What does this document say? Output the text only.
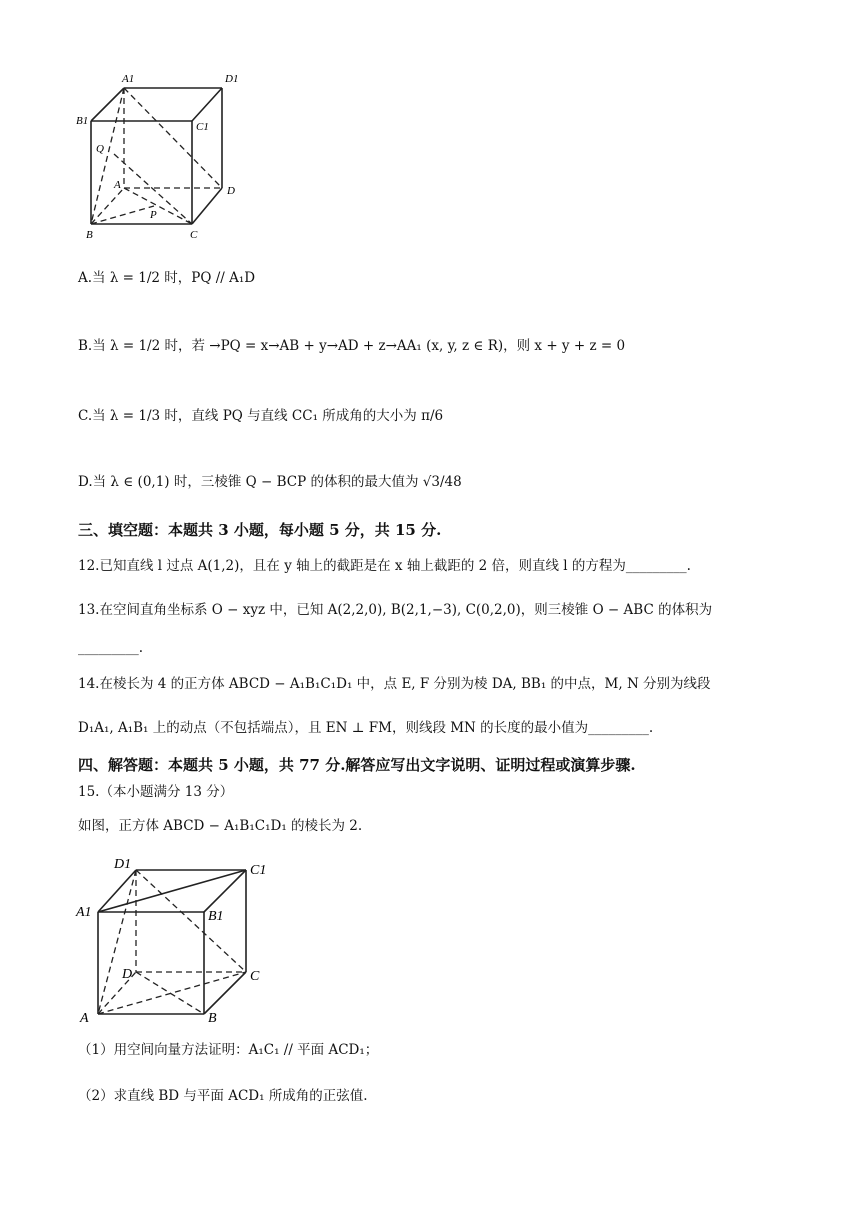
A1	D1
B1	C1
Q
A	D
P
B	C
A.当 λ = 1/2 时，PQ // A₁D
B.当 λ = 1/2 时，若 →PQ = x→AB + y→AD + z→AA₁ (x, y, z ∈ R)，则 x + y + z = 0
C.当 λ = 1/3 时，直线 PQ 与直线 CC₁ 所成角的大小为 π/6
D.当 λ ∈ (0,1) 时，三棱锥 Q − BCP 的体积的最大值为 √3/48
三、填空题：本题共 3 小题，每小题 5 分，共 15 分.
12.已知直线 l 过点 A(1,2)，且在 y 轴上的截距是在 x 轴上截距的 2 倍，则直线 l 的方程为_________.
13.在空间直角坐标系 O − xyz 中，已知 A(2,2,0), B(2,1,−3), C(0,2,0)，则三棱锥 O − ABC 的体积为
_________.
14.在棱长为 4 的正方体 ABCD − A₁B₁C₁D₁ 中，点 E, F 分别为棱 DA, BB₁ 的中点，M, N 分别为线段
D₁A₁, A₁B₁ 上的动点（不包括端点），且 EN ⊥ FM，则线段 MN 的长度的最小值为_________.
四、解答题：本题共 5 小题，共 77 分.解答应写出文字说明、证明过程或演算步骤.
15.（本小题满分 13 分）
如图，正方体 ABCD − A₁B₁C₁D₁ 的棱长为 2.
D1	C1
A1	B1
D	C
A	B
（1）用空间向量方法证明：A₁C₁ // 平面 ACD₁；
（2）求直线 BD 与平面 ACD₁ 所成角的正弦值.
